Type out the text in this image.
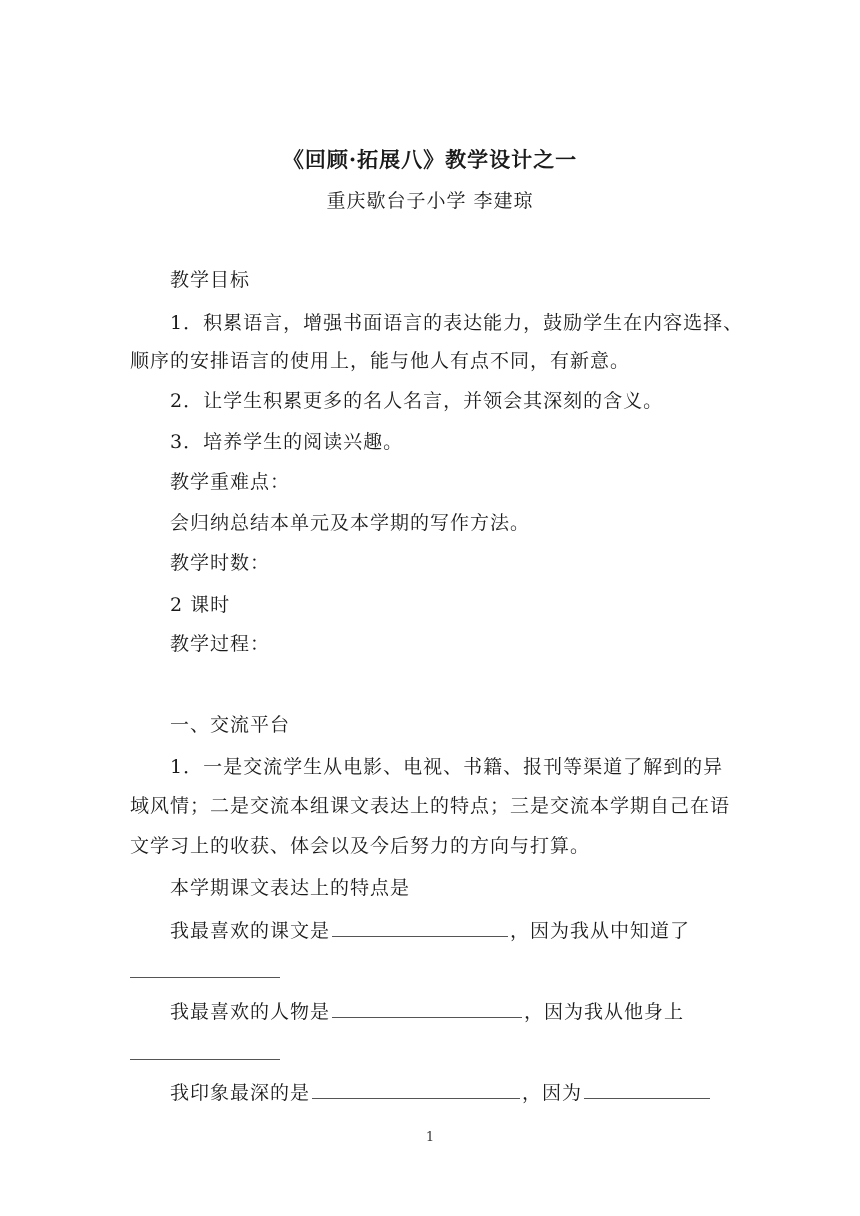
《回顾·拓展八》教学设计之一
重庆歇台子小学 李建琼
教学目标
1．积累语言，增强书面语言的表达能力，鼓励学生在内容选择、
顺序的安排语言的使用上，能与他人有点不同，有新意。
2．让学生积累更多的名人名言，并领会其深刻的含义。
3．培养学生的阅读兴趣。
教学重难点：
会归纳总结本单元及本学期的写作方法。
教学时数：
2 课时
教学过程：
一、交流平台
1．一是交流学生从电影、电视、书籍、报刊等渠道了解到的异
域风情；二是交流本组课文表达上的特点；三是交流本学期自己在语
文学习上的收获、体会以及今后努力的方向与打算。
本学期课文表达上的特点是
我最喜欢的课文是	，因为我从中知道了
我最喜欢的人物是	，因为我从他身上
我印象最深的是	，因为
1
